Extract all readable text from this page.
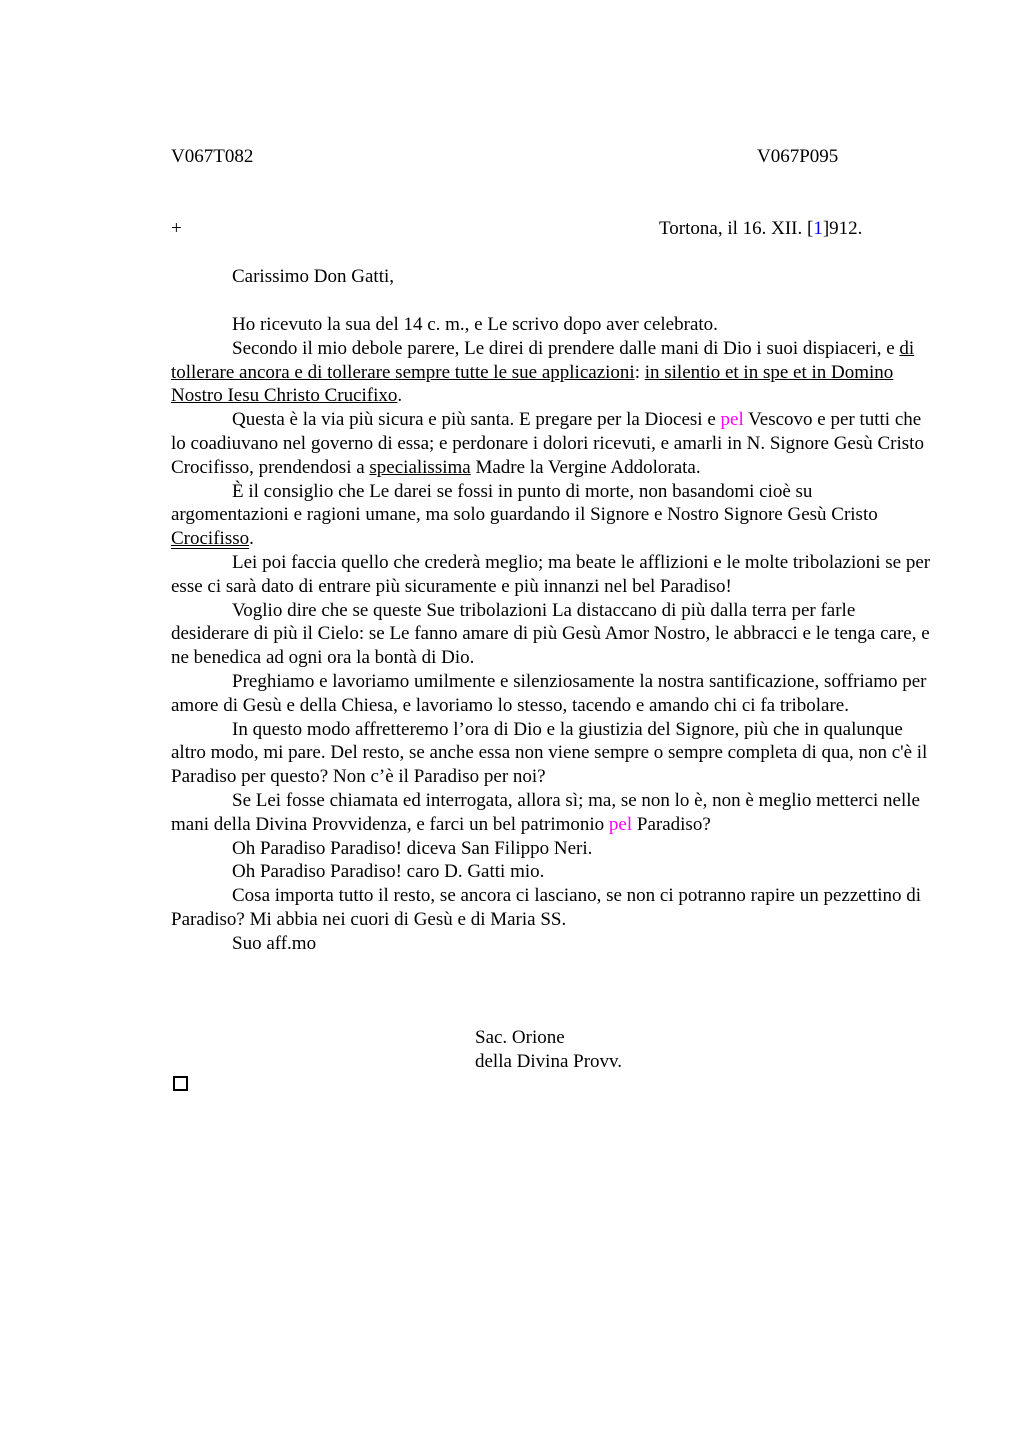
V067T082	V067P095
+	Tortona, il 16. XII. [1]912.
Carissimo Don Gatti,

Ho ricevuto la sua del 14 c. m., e Le scrivo dopo aver celebrato.

Secondo il mio debole parere, Le direi di prendere dalle mani di Dio i suoi dispiaceri, e di tollerare ancora e di tollerare sempre tutte le sue applicazioni: in silentio et in spe et in Domino Nostro Iesu Christo Crucifixo.

Questa è la via più sicura e più santa. E pregare per la Diocesi e pel Vescovo e per tutti che lo coadiuvano nel governo di essa; e perdonare i dolori ricevuti, e amarli in N. Signore Gesù Cristo Crocifisso, prendendosi a specialissima Madre la Vergine Addolorata.

È il consiglio che Le darei se fossi in punto di morte, non basandomi cioè su argomentazioni e ragioni umane, ma solo guardando il Signore e Nostro Signore Gesù Cristo Crocifisso.

Lei poi faccia quello che crederà meglio; ma beate le afflizioni e le molte tribolazioni se per esse ci sarà dato di entrare più sicuramente e più innanzi nel bel Paradiso!

Voglio dire che se queste Sue tribolazioni La distaccano di più dalla terra per farle desiderare di più il Cielo: se Le fanno amare di più Gesù Amor Nostro, le abbracci e le tenga care, e ne benedica ad ogni ora la bontà di Dio.

Preghiamo e lavoriamo umilmente e silenziosamente la nostra santificazione, soffriamo per amore di Gesù e della Chiesa, e lavoriamo lo stesso, tacendo e amando chi ci fa tribolare.

In questo modo affretteremo l’ora di Dio e la giustizia del Signore, più che in qualunque altro modo, mi pare. Del resto, se anche essa non viene sempre o sempre completa di qua, non c'è il Paradiso per questo? Non c’è il Paradiso per noi?

Se Lei fosse chiamata ed interrogata, allora sì; ma, se non lo è, non è meglio metterci nelle mani della Divina Provvidenza, e farci un bel patrimonio pel Paradiso?

Oh Paradiso Paradiso! diceva San Filippo Neri.

Oh Paradiso Paradiso! caro D. Gatti mio.

Cosa importa tutto il resto, se ancora ci lasciano, se non ci potranno rapire un pezzettino di Paradiso? Mi abbia nei cuori di Gesù e di Maria SS.

Suo aff.mo

Sac. Orione
della Divina Provv.
